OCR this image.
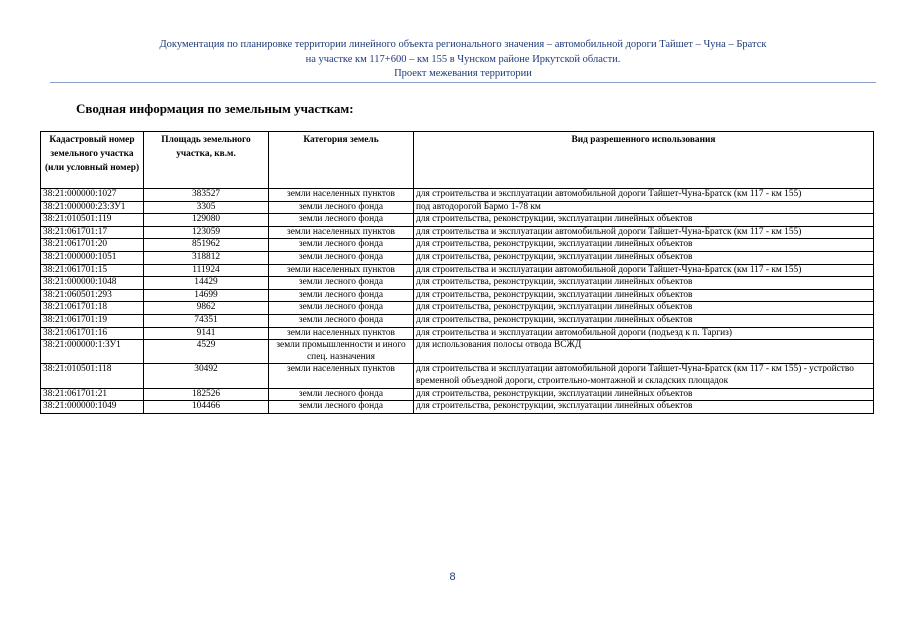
Документация по планировке территории линейного объекта регионального значения – автомобильной дороги Тайшет – Чуна – Братск
на участке км 117+600 – км 155 в Чунском районе Иркутской области.
Проект межевания территории
Сводная информация по земельным участкам:
Кадастровый номер земельного участка (или условный номер)	Площадь земельного участка, кв.м.	Категория земель	Вид разрешенного использования
38:21:000000:1027	383527	земли населенных пунктов	для строительства и эксплуатации автомобильной дороги Тайшет-Чуна-Братск (км 117 - км 155)
38:21:000000:23:ЗУ1	3305	земли лесного фонда	под автодорогой Бармо 1-78 км
38:21:010501:119	129080	земли лесного фонда	для строительства, реконструкции, эксплуатации линейных объектов
38:21:061701:17	123059	земли населенных пунктов	для строительства и эксплуатации автомобильной дороги Тайшет-Чуна-Братск (км 117 - км 155)
38:21:061701:20	851962	земли лесного фонда	для строительства, реконструкции, эксплуатации линейных объектов
38:21:000000:1051	318812	земли лесного фонда	для строительства, реконструкции, эксплуатации линейных объектов
38:21:061701:15	111924	земли населенных пунктов	для строительства и эксплуатации автомобильной дороги Тайшет-Чуна-Братск (км 117 - км 155)
38:21:000000:1048	14429	земли лесного фонда	для строительства, реконструкции, эксплуатации линейных объектов
38:21:060501:293	14699	земли лесного фонда	для строительства, реконструкции, эксплуатации линейных объектов
38:21:061701:18	9862	земли лесного фонда	для строительства, реконструкции, эксплуатации линейных объектов
38:21:061701:19	74351	земли лесного фонда	для строительства, реконструкции, эксплуатации линейных объектов
38:21:061701:16	9141	земли населенных пунктов	для строительства и эксплуатации автомобильной дороги (подъезд к п. Таргиз)
38:21:000000:1:ЗУ1	4529	земли промышленности и иного спец. назначения	для использования полосы отвода ВСЖД
38:21:010501:118	30492	земли населенных пунктов	для строительства и эксплуатации автомобильной дороги Тайшет-Чуна-Братск (км 117 - км 155) - устройство временной объездной дороги, строительно-монтажной и складских площадок
38:21:061701:21	182526	земли лесного фонда	для строительства, реконструкции, эксплуатации линейных объектов
38:21:000000:1049	104466	земли лесного фонда	для строительства, реконструкции, эксплуатации линейных объектов
8
